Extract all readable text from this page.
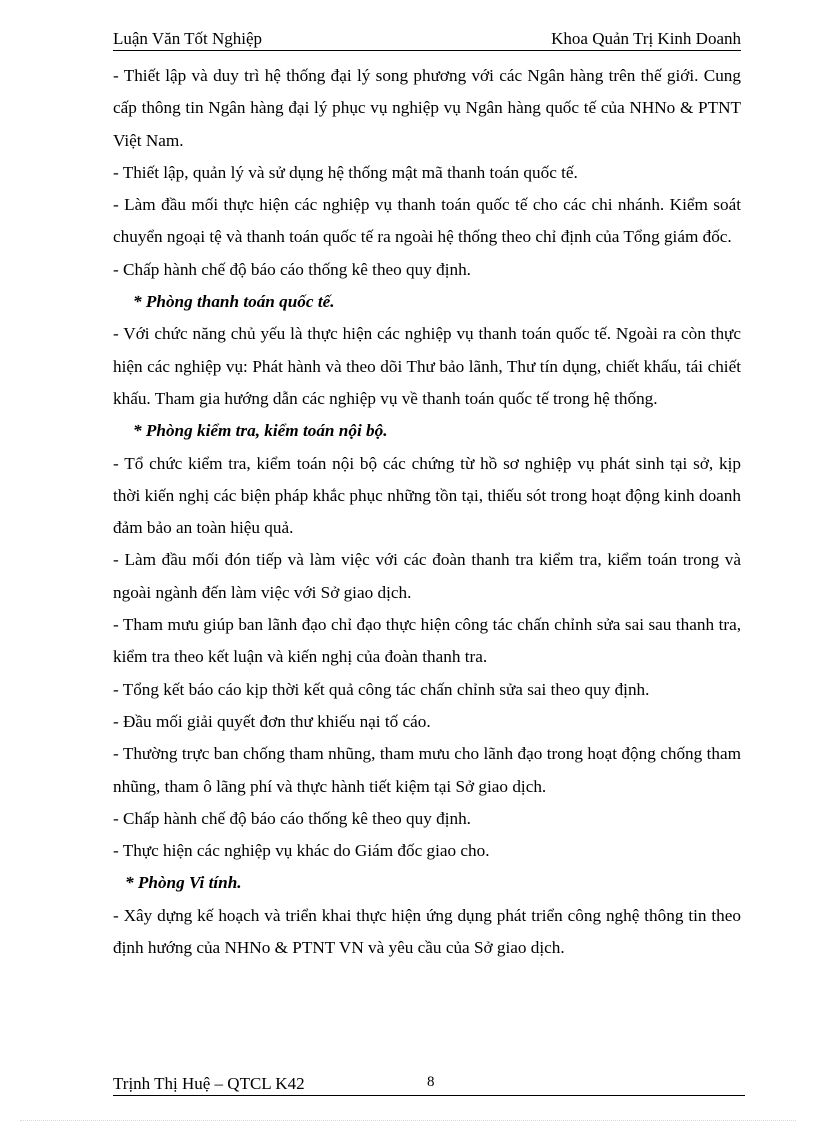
Luận Văn Tốt Nghiệp	Khoa Quản Trị Kinh Doanh

- Thiết lập và duy trì hệ thống đại lý song phương với các Ngân hàng trên thế giới. Cung cấp thông tin Ngân hàng đại lý phục vụ nghiệp vụ Ngân hàng quốc tế của NHNo & PTNT Việt Nam.

- Thiết lập, quản lý và sử dụng hệ thống mật mã thanh toán quốc tế.

- Làm đầu mối thực hiện các nghiệp vụ thanh toán quốc tế cho các chi nhánh. Kiểm soát chuyển ngoại tệ và thanh toán quốc tế ra ngoài hệ thống theo chỉ định của Tổng giám đốc.

- Chấp hành chế độ báo cáo thống kê theo quy định.

* Phòng thanh toán quốc tế.

- Với chức năng chủ yếu là thực hiện các nghiệp vụ thanh toán quốc tế. Ngoài ra còn thực hiện các nghiệp vụ: Phát hành và theo dõi Thư bảo lãnh, Thư tín dụng, chiết khấu, tái chiết khấu. Tham gia hướng dẫn các nghiệp vụ về thanh toán quốc tế trong hệ thống.

* Phòng kiểm tra, kiểm toán nội bộ.

- Tổ chức kiểm tra, kiểm toán nội bộ các chứng từ hồ sơ nghiệp vụ phát sinh tại sở, kịp thời kiến nghị các biện pháp khắc phục những tồn tại, thiếu sót trong hoạt động kinh doanh đảm bảo an toàn hiệu quả.

- Làm đầu mối đón tiếp và làm việc với các đoàn thanh tra kiểm tra, kiểm toán trong và ngoài ngành đến làm việc với Sở giao dịch.

- Tham mưu giúp ban lãnh đạo chỉ đạo thực hiện công tác chấn chỉnh sửa sai sau thanh tra, kiểm tra theo kết luận và kiến nghị của đoàn thanh tra.

- Tổng kết báo cáo kịp thời kết quả công tác chấn chỉnh sửa sai theo quy định.

- Đầu mối giải quyết đơn thư khiếu nại tố cáo.

- Thường trực ban chống tham nhũng, tham mưu cho lãnh đạo trong hoạt động chống tham nhũng, tham ô lãng phí và thực hành tiết kiệm tại Sở giao dịch.

- Chấp hành chế độ báo cáo thống kê theo quy định.

- Thực hiện các nghiệp vụ khác do Giám đốc giao cho.

* Phòng Vi tính.

- Xây dựng kế hoạch và triển khai thực hiện ứng dụng phát triển công nghệ thông tin theo định hướng của NHNo & PTNT VN và yêu cầu của Sở giao dịch.

Trịnh Thị Huệ – QTCL K42	8
